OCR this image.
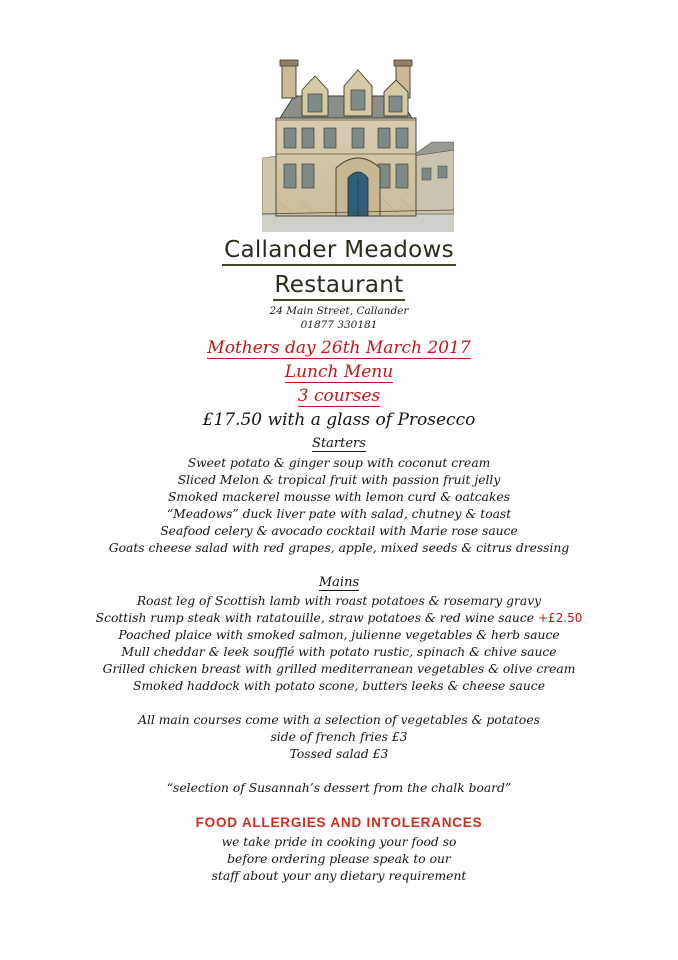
Callander Meadows
Restaurant
24 Main Street, Callander
01877 330181
Mothers day 26th March 2017
Lunch Menu
3 courses
£17.50 with a glass of Prosecco
Starters
Sweet potato & ginger soup with coconut cream
Sliced Melon & tropical fruit with passion fruit jelly
Smoked mackerel mousse with lemon curd & oatcakes
“Meadows” duck liver pate with salad, chutney & toast
Seafood celery & avocado cocktail with Marie rose sauce
Goats cheese salad with red grapes, apple, mixed seeds & citrus dressing
Mains
Roast leg of Scottish lamb with roast potatoes & rosemary gravy
Scottish rump steak with ratatouille, straw potatoes & red wine sauce +£2.50
Poached plaice with smoked salmon, julienne vegetables & herb sauce
Mull cheddar & leek soufflé with potato rustic, spinach & chive sauce
Grilled chicken breast with grilled mediterranean vegetables & olive cream
Smoked haddock with potato scone, butters leeks & cheese sauce
All main courses come with a selection of vegetables & potatoes
side of french fries £3
Tossed salad £3
“selection of Susannah’s dessert from the chalk board”
FOOD ALLERGIES AND INTOLERANCES
we take pride in cooking your food so
before ordering please speak to our
staff about your any dietary requirement
